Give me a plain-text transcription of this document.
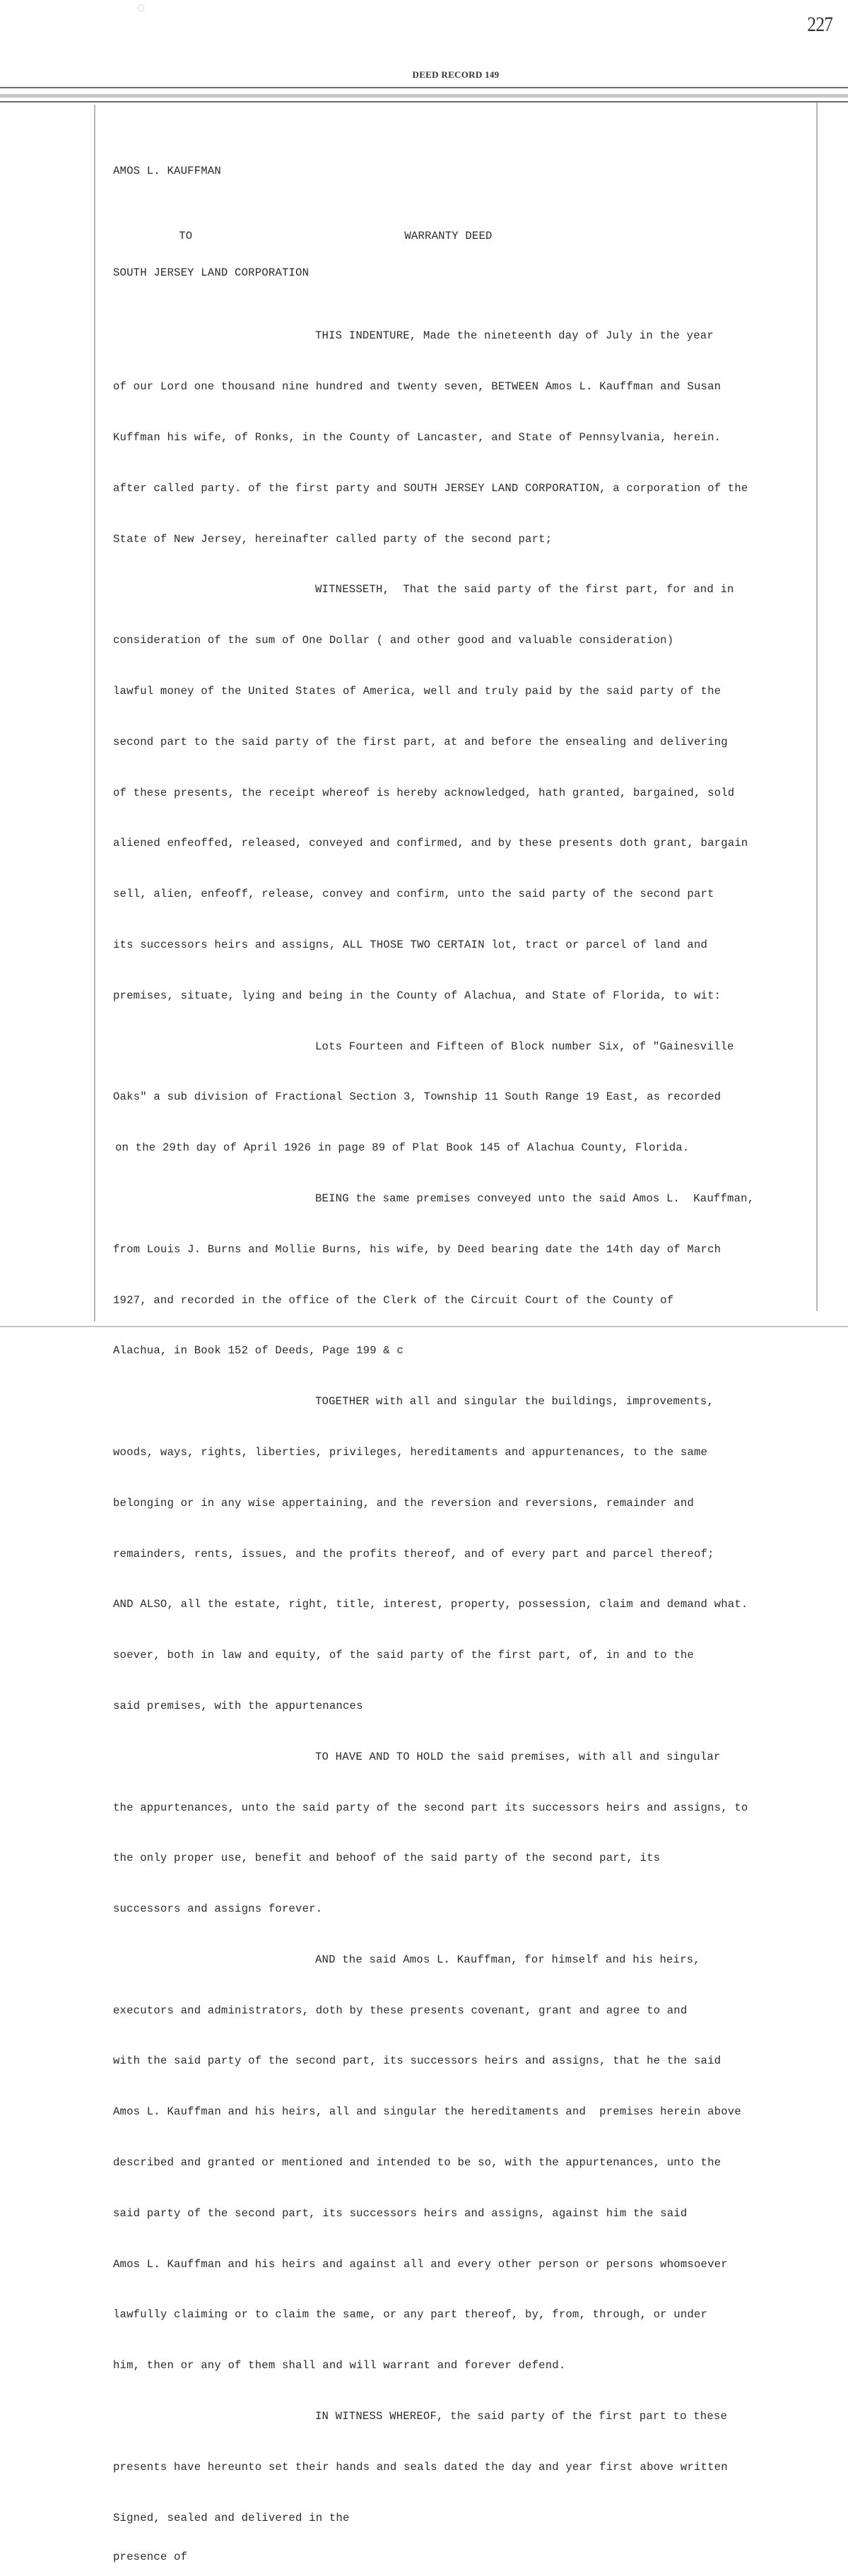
227
DEED RECORD 149

AMOS L. KAUFFMAN

TO	WARRANTY DEED

SOUTH JERSEY LAND CORPORATION

THIS INDENTURE, Made the nineteenth day of July in the year

of our Lord one thousand nine hundred and twenty seven, BETWEEN Amos L. Kauffman and Susan

Kuffman his wife, of Ronks, in the County of Lancaster, and State of Pennsylvania, herein.

after called party. of the first party and SOUTH JERSEY LAND CORPORATION, a corporation of the

State of New Jersey, hereinafter called party of the second part;

WITNESSETH,  That the said party of the first part, for and in

consideration of the sum of One Dollar ( and other good and valuable consideration)

lawful money of the United States of America, well and truly paid by the said party of the

second part to the said party of the first part, at and before the ensealing and delivering

of these presents, the receipt whereof is hereby acknowledged, hath granted, bargained, sold

aliened enfeoffed, released, conveyed and confirmed, and by these presents doth grant, bargain

sell, alien, enfeoff, release, convey and confirm, unto the said party of the second part

its successors heirs and assigns, ALL THOSE TWO CERTAIN lot, tract or parcel of land and

premises, situate, lying and being in the County of Alachua, and State of Florida, to wit:

Lots Fourteen and Fifteen of Block number Six, of "Gainesville

Oaks" a sub division of Fractional Section 3, Township 11 South Range 19 East, as recorded

on the 29th day of April 1926 in page 89 of Plat Book 145 of Alachua County, Florida.

BEING the same premises conveyed unto the said Amos L.  Kauffman,

from Louis J. Burns and Mollie Burns, his wife, by Deed bearing date the 14th day of March

1927, and recorded in the office of the Clerk of the Circuit Court of the County of

Alachua, in Book 152 of Deeds, Page 199 & c

TOGETHER with all and singular the buildings, improvements,

woods, ways, rights, liberties, privileges, hereditaments and appurtenances, to the same

belonging or in any wise appertaining, and the reversion and reversions, remainder and

remainders, rents, issues, and the profits thereof, and of every part and parcel thereof;

AND ALSO, all the estate, right, title, interest, property, possession, claim and demand what.

soever, both in law and equity, of the said party of the first part, of, in and to the

said premises, with the appurtenances

TO HAVE AND TO HOLD the said premises, with all and singular

the appurtenances, unto the said party of the second part its successors heirs and assigns, to

the only proper use, benefit and behoof of the said party of the second part, its

successors and assigns forever.

AND the said Amos L. Kauffman, for himself and his heirs,

executors and administrators, doth by these presents covenant, grant and agree to and

with the said party of the second part, its successors heirs and assigns, that he the said

Amos L. Kauffman and his heirs, all and singular the hereditaments and  premises herein above

described and granted or mentioned and intended to be so, with the appurtenances, unto the

said party of the second part, its successors heirs and assigns, against him the said

Amos L. Kauffman and his heirs and against all and every other person or persons whomsoever

lawfully claiming or to claim the same, or any part thereof, by, from, through, or under

him, then or any of them shall and will warrant and forever defend.

IN WITNESS WHEREOF, the said party of the first part to these

presents have hereunto set their hands and seals dated the day and year first above written

Signed, sealed and delivered in the

presence of
